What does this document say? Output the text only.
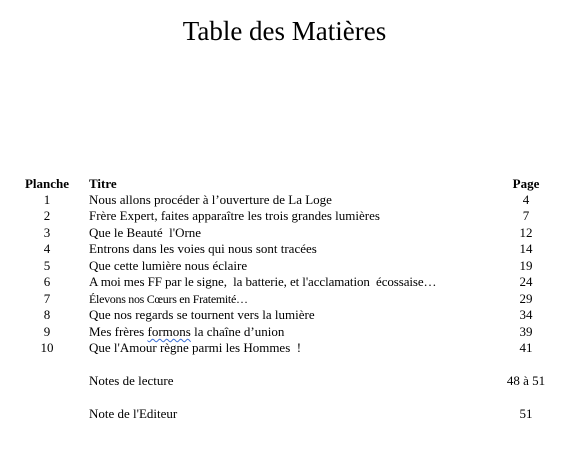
Table des Matières
Planche Titre	Page
1	Nous allons procéder à l’ouverture de La Loge	4
2	Frère Expert, faites apparaître les trois grandes lumières	7
3	Que le Beauté  l'Orne	12
4	Entrons dans les voies qui nous sont tracées	14
5	Que cette lumière nous éclaire	19
6	A moi mes FF par le signe,  la batterie, et l'acclamation  écossaise…	24
7	Élevons nos Cœurs en Fratemité…	29
8	Que nos regards se tournent vers la lumière	34
9	Mes frères formons la chaîne d’union	39
10	Que l'Amour règne parmi les Hommes  !	41
Notes de lecture	48 à 51
Note de l'Editeur	51
